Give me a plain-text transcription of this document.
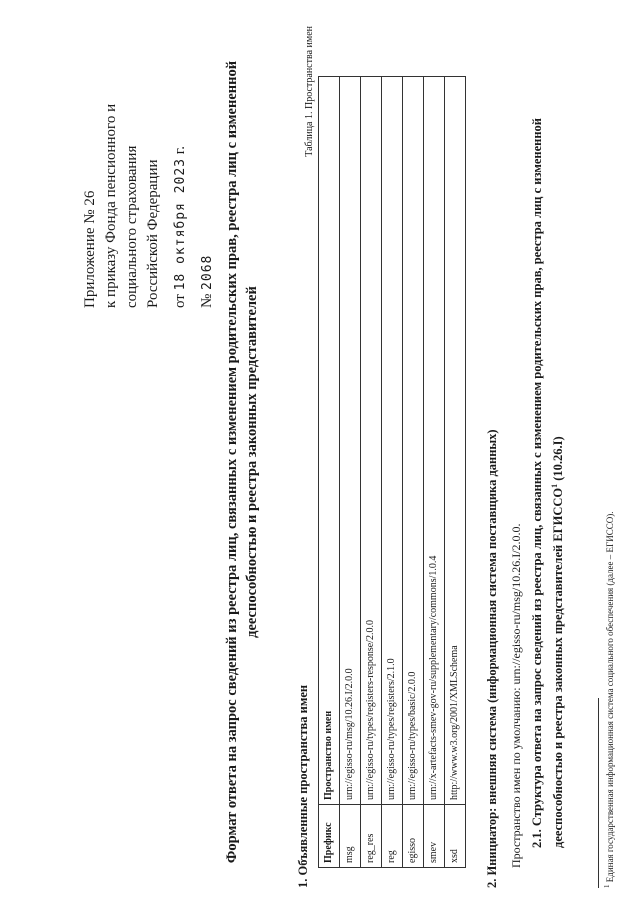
Приложение № 26 к приказу Фонда пенсионного и социального страхования Российской Федерации от 18 октября 2023 г.
№ 2068 Формат ответа на запрос сведений из реестра лиц, связанных с изменением родительских прав, реестра лиц с измененной дееспособностью и реестра законных представителей
1. Объявленные пространства имен
Таблица 1. Пространства имен
Префикс	Пространство имен
msg	urn://egisso-ru/msg/10.26.I/2.0.0
reg_res	urn://egisso-ru/types/registers-response/2.0.0
reg	urn://egisso-ru/types/registers/2.1.0
egisso	urn://egisso-ru/types/basic/2.0.0
smev	urn://x-artefacts-smev-gov-ru/supplementary/commons/1.0.4
xsd	http://www.w3.org/2001/XMLSchema 2. Инициатор: внешняя система (информационная система поставщика данных) Пространство имен по умолчанию: urn://egisso-ru/msg/10.26.I/2.0.0. 2.1. Структура ответа на запрос сведений из реестра лиц, связанных с изменением родительских прав, реестра лиц с измененной дееспособностью и реестра законных представителей ЕГИССО$^1$ (10.26.I)
$^1$ Единая государственная информационная система социального обеспечения (далее – ЕГИССО).
